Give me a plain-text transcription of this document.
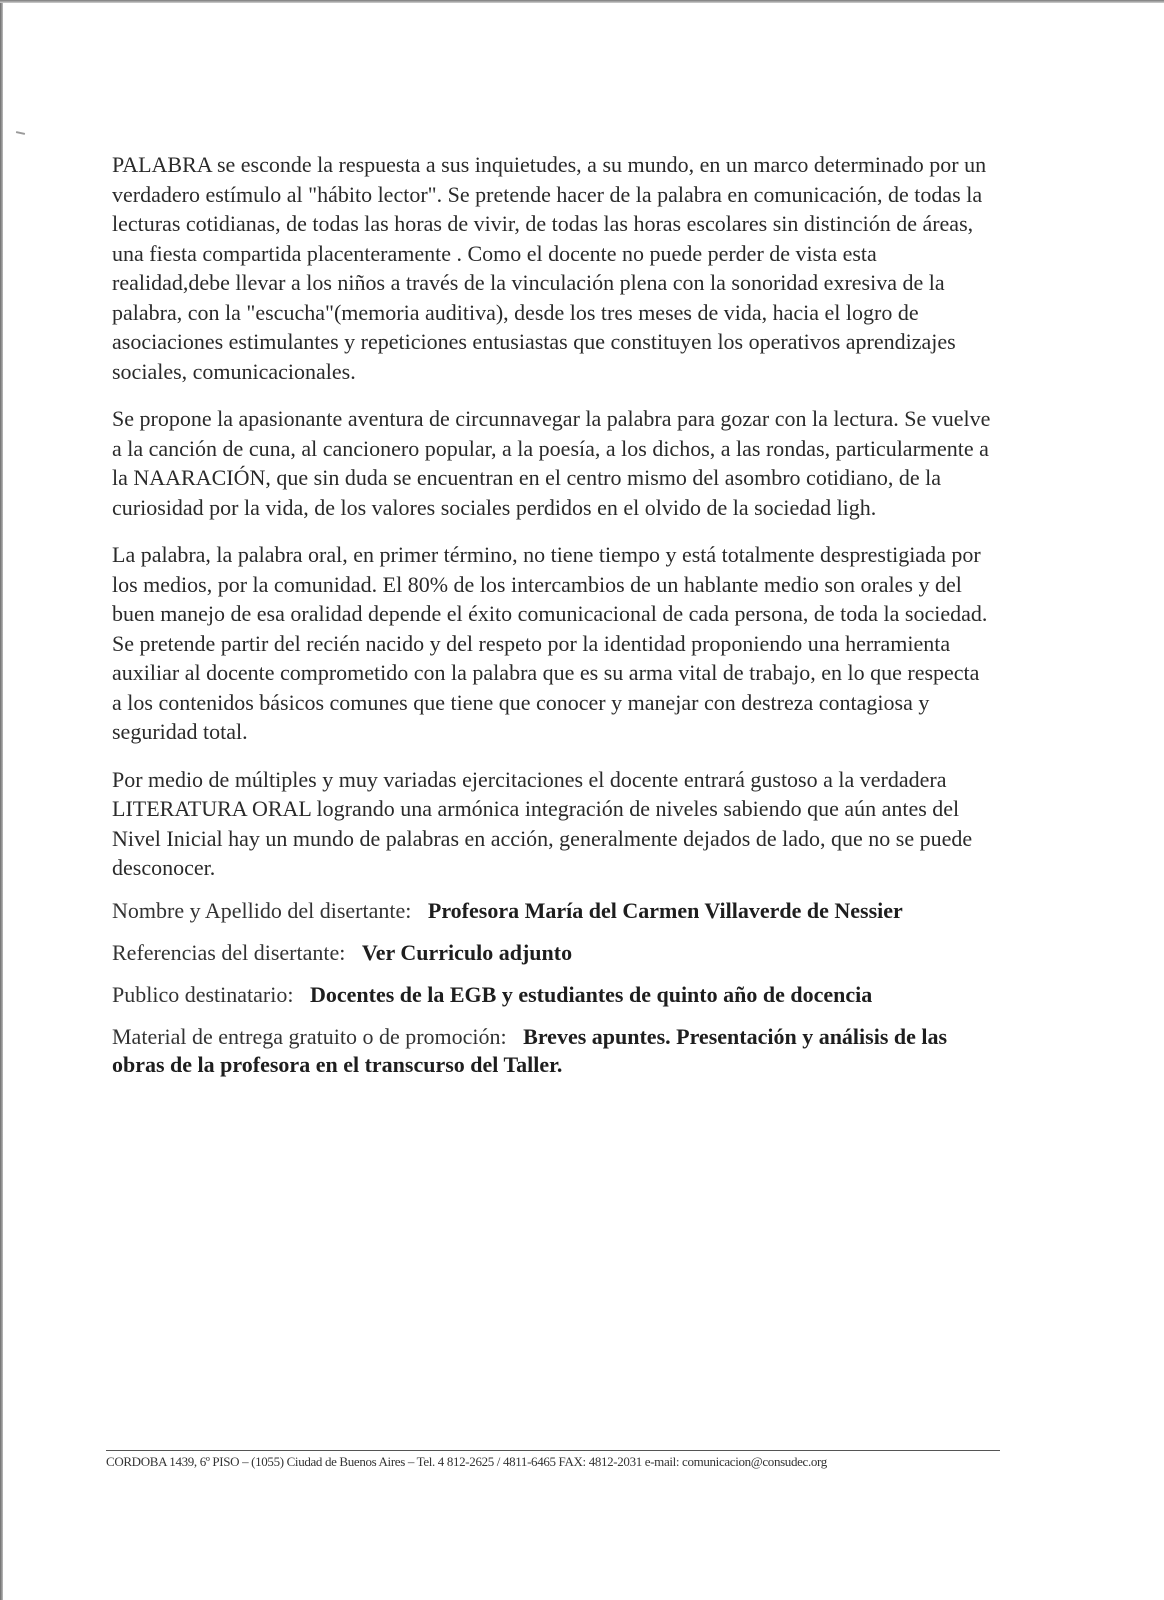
PALABRA se esconde la respuesta a sus inquietudes, a su mundo, en un marco determinado por un verdadero estímulo al "hábito lector". Se pretende hacer de la palabra en comunicación, de todas la lecturas cotidianas, de todas las horas de vivir, de todas las horas escolares sin distinción de áreas, una fiesta compartida placenteramente . Como el docente no puede perder de vista esta realidad,debe llevar a los niños a través de la vinculación plena con la sonoridad exresiva de la palabra, con la "escucha"(memoria auditiva), desde los tres meses de vida, hacia el logro de asociaciones estimulantes y repeticiones entusiastas que constituyen los operativos aprendizajes sociales, comunicacionales.

Se propone la apasionante aventura de circunnavegar la palabra para gozar con la lectura. Se vuelve a la canción de cuna, al cancionero popular, a la poesía, a los dichos, a las rondas, particularmente a la NAARACIÓN, que sin duda se encuentran en el centro mismo del asombro cotidiano, de la curiosidad por la vida, de los valores sociales perdidos en el olvido de la sociedad ligh.

La palabra, la palabra oral, en primer término, no tiene tiempo y está totalmente desprestigiada por los medios, por la comunidad. El 80% de los intercambios de un hablante medio son orales y del buen manejo de esa oralidad depende el éxito comunicacional de cada persona, de toda la sociedad. Se pretende partir del recién nacido y del respeto por la identidad proponiendo una herramienta auxiliar al docente comprometido con la palabra que es su arma vital de trabajo, en lo que respecta a los contenidos básicos comunes que tiene que conocer y manejar con destreza contagiosa y seguridad total.

Por medio de múltiples y muy variadas ejercitaciones el docente entrará gustoso a la verdadera LITERATURA ORAL logrando una armónica integración de niveles sabiendo que aún antes del Nivel Inicial hay un mundo de palabras en acción, generalmente dejados de lado, que no se puede desconocer.

Nombre y Apellido del disertante: Profesora María del Carmen Villaverde de Nessier

Referencias del disertante: Ver Curriculo adjunto

Publico destinatario: Docentes de la EGB y estudiantes de quinto año de docencia

Material de entrega gratuito o de promoción: Breves apuntes. Presentación y análisis de las obras de la profesora en el transcurso del Taller.

CORDOBA 1439, 6º PISO – (1055) Ciudad de Buenos Aires – Tel. 4 812-2625 / 4811-6465 FAX: 4812-2031 e-mail: comunicacion@consudec.org
